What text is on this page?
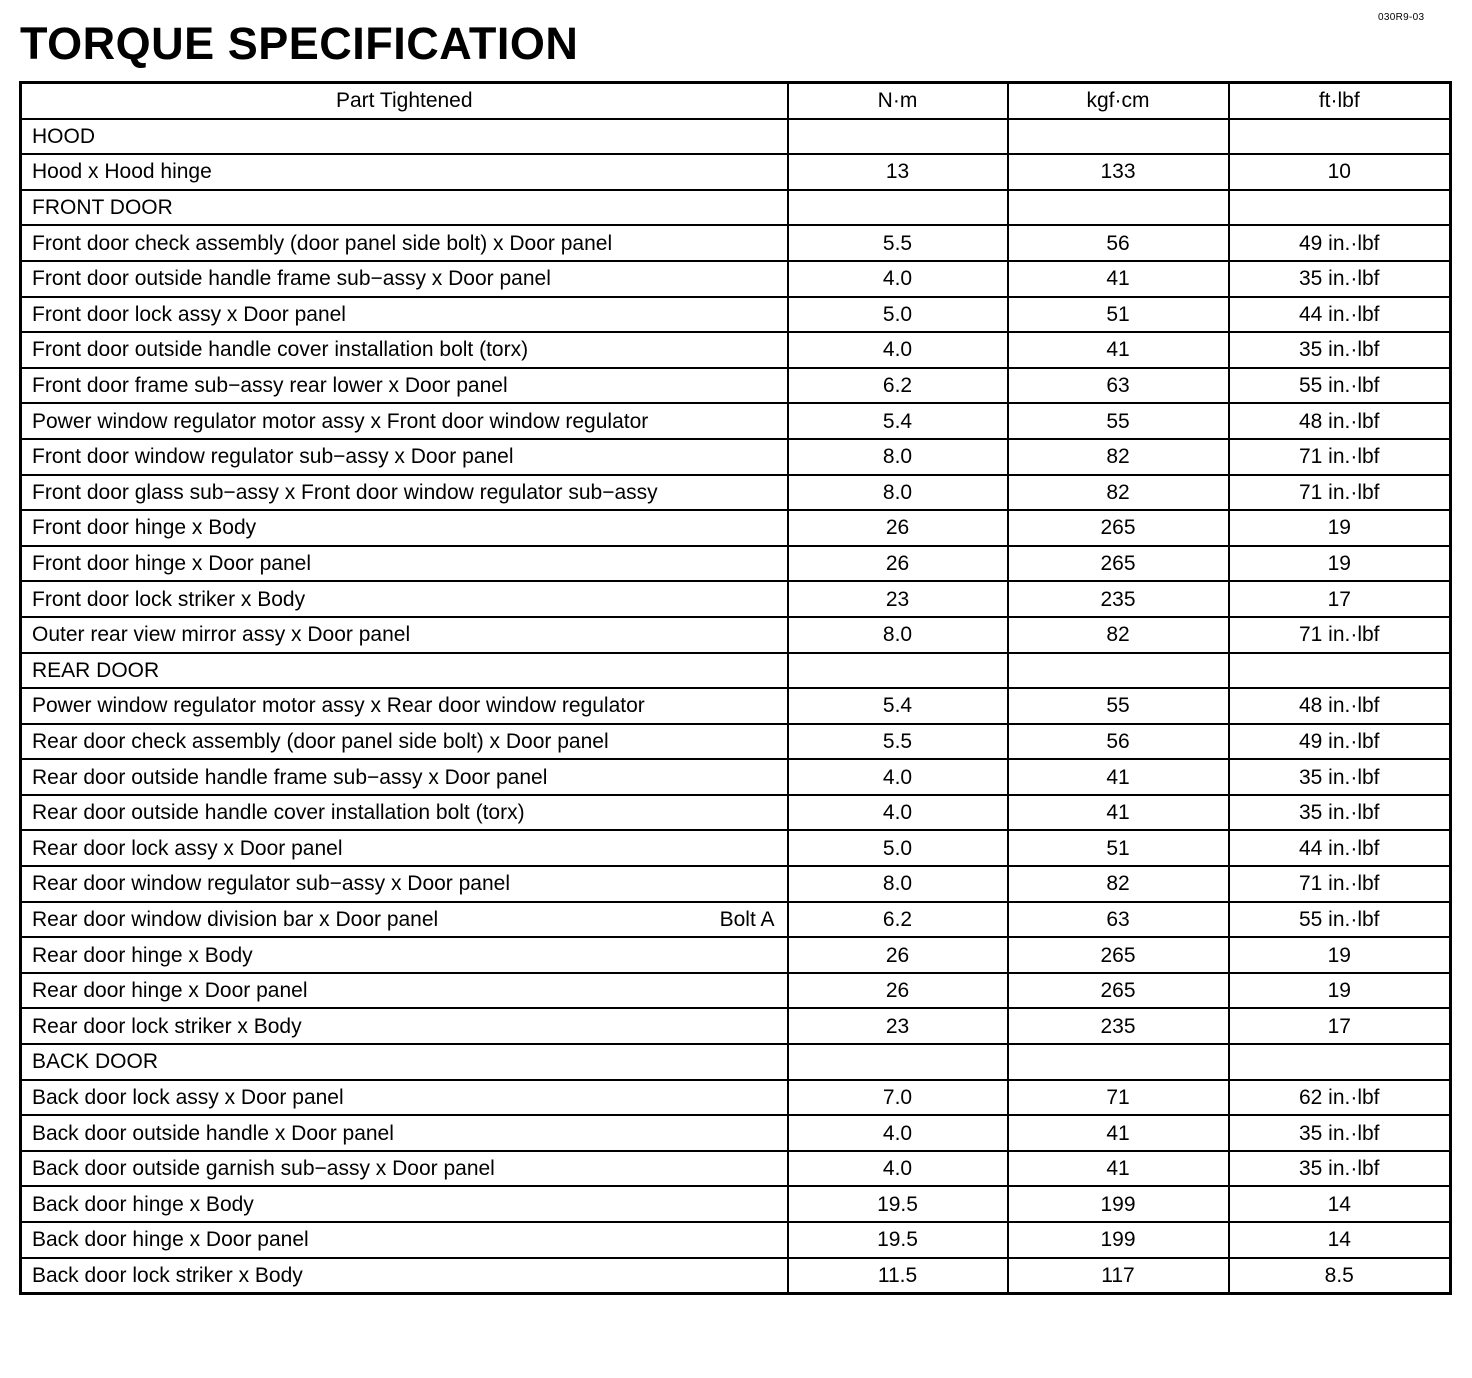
030R9-03
TORQUE SPECIFICATION
Part Tightened	N·m	kgf·cm	ft·lbf

HOOD			

Hood x Hood hinge	13	133	10

FRONT DOOR			

Front door check assembly (door panel side bolt) x Door panel	5.5	56	49 in.·lbf

Front door outside handle frame sub−assy x Door panel	4.0	41	35 in.·lbf

Front door lock assy x Door panel	5.0	51	44 in.·lbf

Front door outside handle cover installation bolt (torx)	4.0	41	35 in.·lbf

Front door frame sub−assy rear lower x Door panel	6.2	63	55 in.·lbf

Power window regulator motor assy x Front door window regulator	5.4	55	48 in.·lbf

Front door window regulator sub−assy x Door panel	8.0	82	71 in.·lbf

Front door glass sub−assy x Front door window regulator sub−assy	8.0	82	71 in.·lbf

Front door hinge x Body	26	265	19

Front door hinge x Door panel	26	265	19

Front door lock striker x Body	23	235	17

Outer rear view mirror assy x Door panel	8.0	82	71 in.·lbf

REAR DOOR			

Power window regulator motor assy x Rear door window regulator	5.4	55	48 in.·lbf

Rear door check assembly (door panel side bolt) x Door panel	5.5	56	49 in.·lbf

Rear door outside handle frame sub−assy x Door panel	4.0	41	35 in.·lbf

Rear door outside handle cover installation bolt (torx)	4.0	41	35 in.·lbf

Rear door lock assy x Door panel	5.0	51	44 in.·lbf

Rear door window regulator sub−assy x Door panel	8.0	82	71 in.·lbf

Rear door window division bar x Door panel Bolt A	6.2	63	55 in.·lbf

Rear door hinge x Body	26	265	19

Rear door hinge x Door panel	26	265	19

Rear door lock striker x Body	23	235	17

BACK DOOR			

Back door lock assy x Door panel	7.0	71	62 in.·lbf

Back door outside handle x Door panel	4.0	41	35 in.·lbf

Back door outside garnish sub−assy x Door panel	4.0	41	35 in.·lbf

Back door hinge x Body	19.5	199	14

Back door hinge x Door panel	19.5	199	14

Back door lock striker x Body	11.5	117	8.5
